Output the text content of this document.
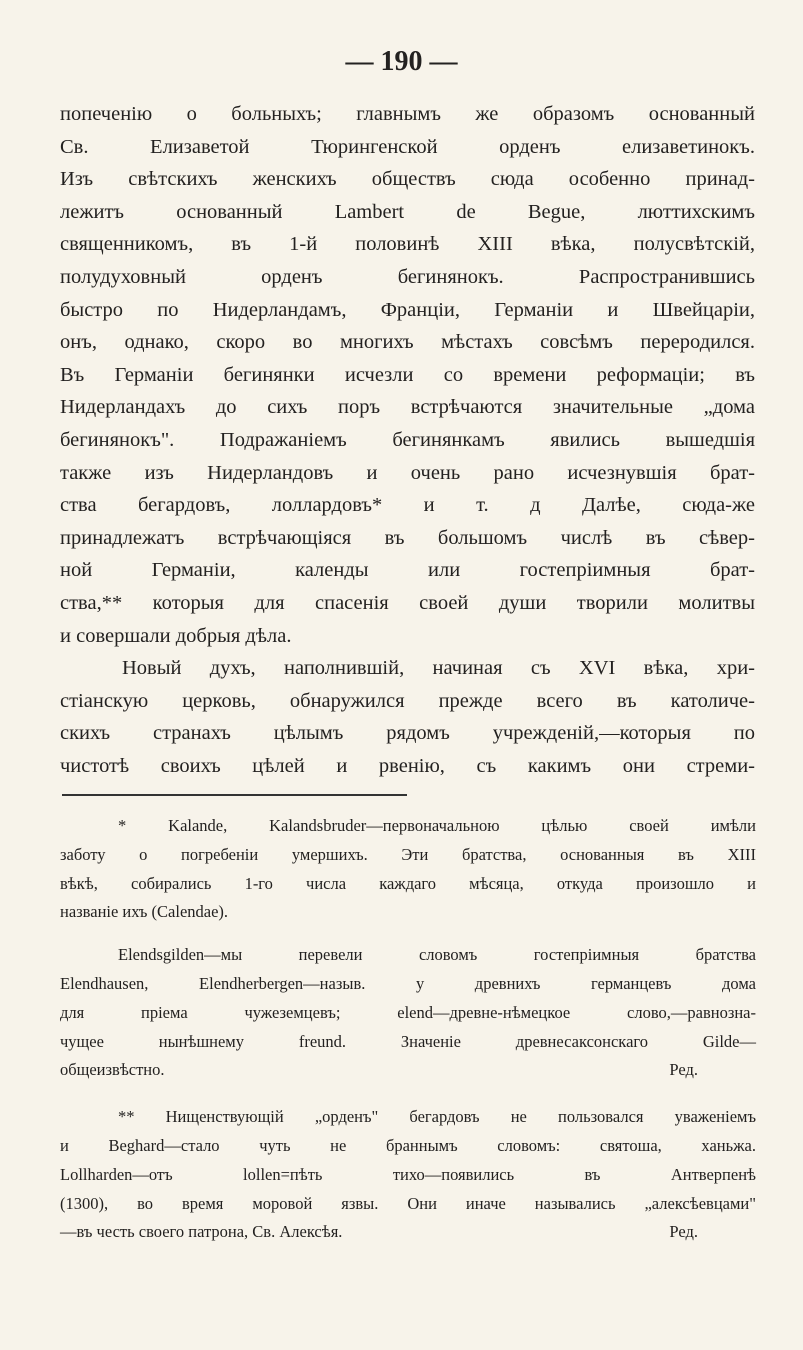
— 190 —
попеченію о больныхъ; главнымъ же образомъ основанный
Св. Елизаветой Тюрингенской орденъ елизаветинокъ.
Изъ свѣтскихъ женскихъ обществъ сюда особенно принад-
лежитъ основанный Lambert de Begue, люттихскимъ
священникомъ, въ 1-й половинѣ XIII вѣка, полусвѣтскій,
полудуховный орденъ бегинянокъ. Распространившись
быстро по Нидерландамъ, Франціи, Германіи и Швейцаріи,
онъ, однако, скоро во многихъ мѣстахъ совсѣмъ переродился.
Въ Германіи бегинянки исчезли со времени реформаціи; въ
Нидерландахъ до сихъ поръ встрѣчаются значительные „дома
бегинянокъ". Подражаніемъ бегинянкамъ явились вышедшія
также изъ Нидерландовъ и очень рано исчезнувшія брат-
ства бегардовъ, лоллардовъ* и т. д Далѣе, сюда-же
принадлежатъ встрѣчающіяся въ большомъ числѣ въ сѣвер-
ной Германіи, календы или гостепріимныя брат-
ства,** которыя для спасенія своей души творили молитвы
и совершали добрыя дѣла.
Новый духъ, наполнившій, начиная съ XVI вѣка, хри-
стіанскую церковь, обнаружился прежде всего въ католиче-
скихъ странахъ цѣлымъ рядомъ учрежденій,—которыя по
чистотѣ своихъ цѣлей и рвенію, съ какимъ они стреми-
* Kalande, Kalandsbruder—первоначальною цѣлью своей имѣли
заботу о погребеніи умершихъ. Эти братства, основанныя въ XIII
вѣкѣ, собирались 1-го числа каждаго мѣсяца, откуда произошло и
названіе ихъ (Calendae).
Elendsgilden—мы перевели словомъ гостепріимныя братства
Elendhausen, Elendherbergen—назыв. у древнихъ германцевъ дома
для пріема чужеземцевъ; elend—древне-нѣмецкое слово,—равнозна-
чущее нынѣшнему freund. Значеніе древнесаксонскаго Gilde—
общеизвѣстно.	Ред.
** Нищенствующій „орденъ" бегардовъ не пользовался уваженіемъ
и Beghard—стало чуть не браннымъ словомъ: святоша, ханьжа.
Lollharden—отъ lollen=пѣть тихо—появились въ Антверпенѣ
(1300), во время моровой язвы. Они иначе назывались „алексѣевцами"
—въ честь своего патрона, Св. Алексѣя.	Ред.
